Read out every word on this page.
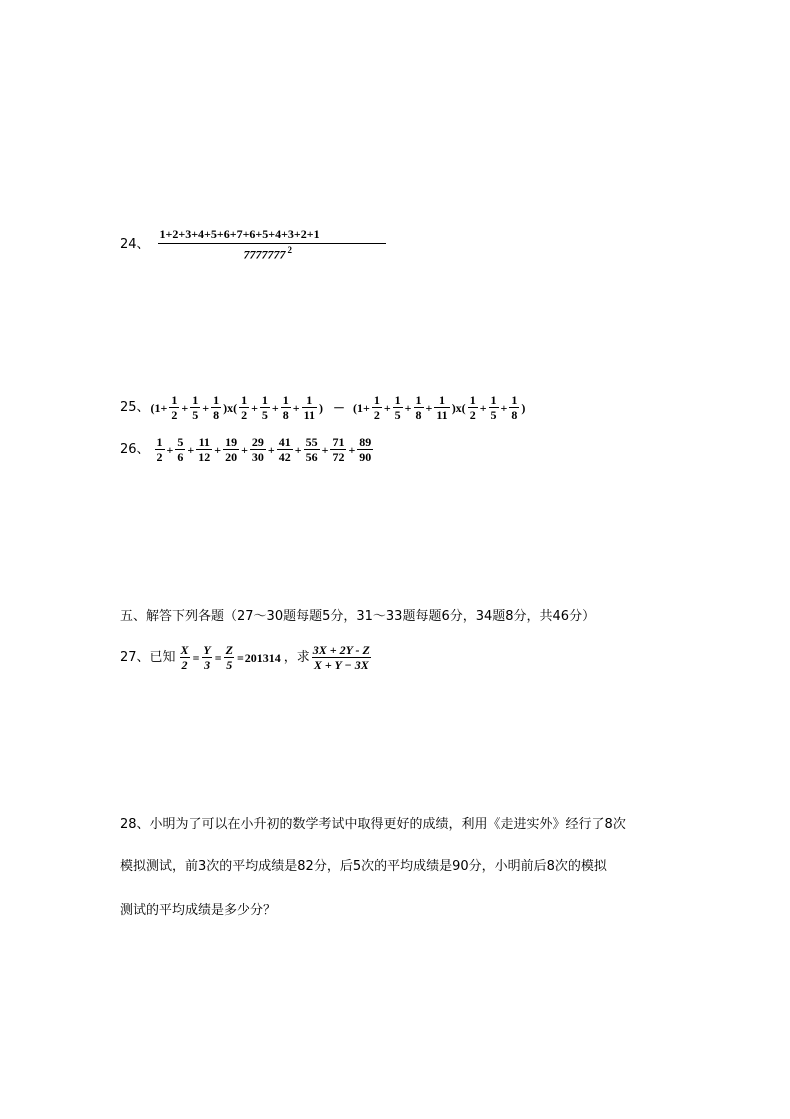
24、
1+2+3+4+5+6+7+6+5+4+3+2+1
7777777 $^2$
25、 $(1+ \frac{1}{2} + \frac{1}{5} + \frac{1}{8} )x( \frac{1}{2} + \frac{1}{5} + \frac{1}{8} + \frac{1}{11}$ ) － $(1+ \frac{1}{2} + \frac{1}{5} + \frac{1}{8} + \frac{1}{11} )x( \frac{1}{2} + \frac{1}{5} + \frac{1}{8}$ )
26、 $\frac{1}{2} + \frac{5}{6} + \frac{11}{12} + \frac{19}{20} + \frac{29}{30} + \frac{41}{42} + \frac{55}{56} + \frac{71}{72} + \frac{89}{90}$
五、解答下列各题（27～30题每题5分，31～33题每题6分，34题8分，共46分）
27、已知 $\frac{X}{2} = \frac{Y}{3} = \frac{Z}{5} = 201314$ ，求 $\frac{3X + 2Y - Z}{X + Y - 3X}$
28、小明为了可以在小升初的数学考试中取得更好的成绩，利用《走进实外》经行了8次
模拟测试，前3次的平均成绩是82分，后5次的平均成绩是90分，小明前后8次的模拟
测试的平均成绩是多少分？
